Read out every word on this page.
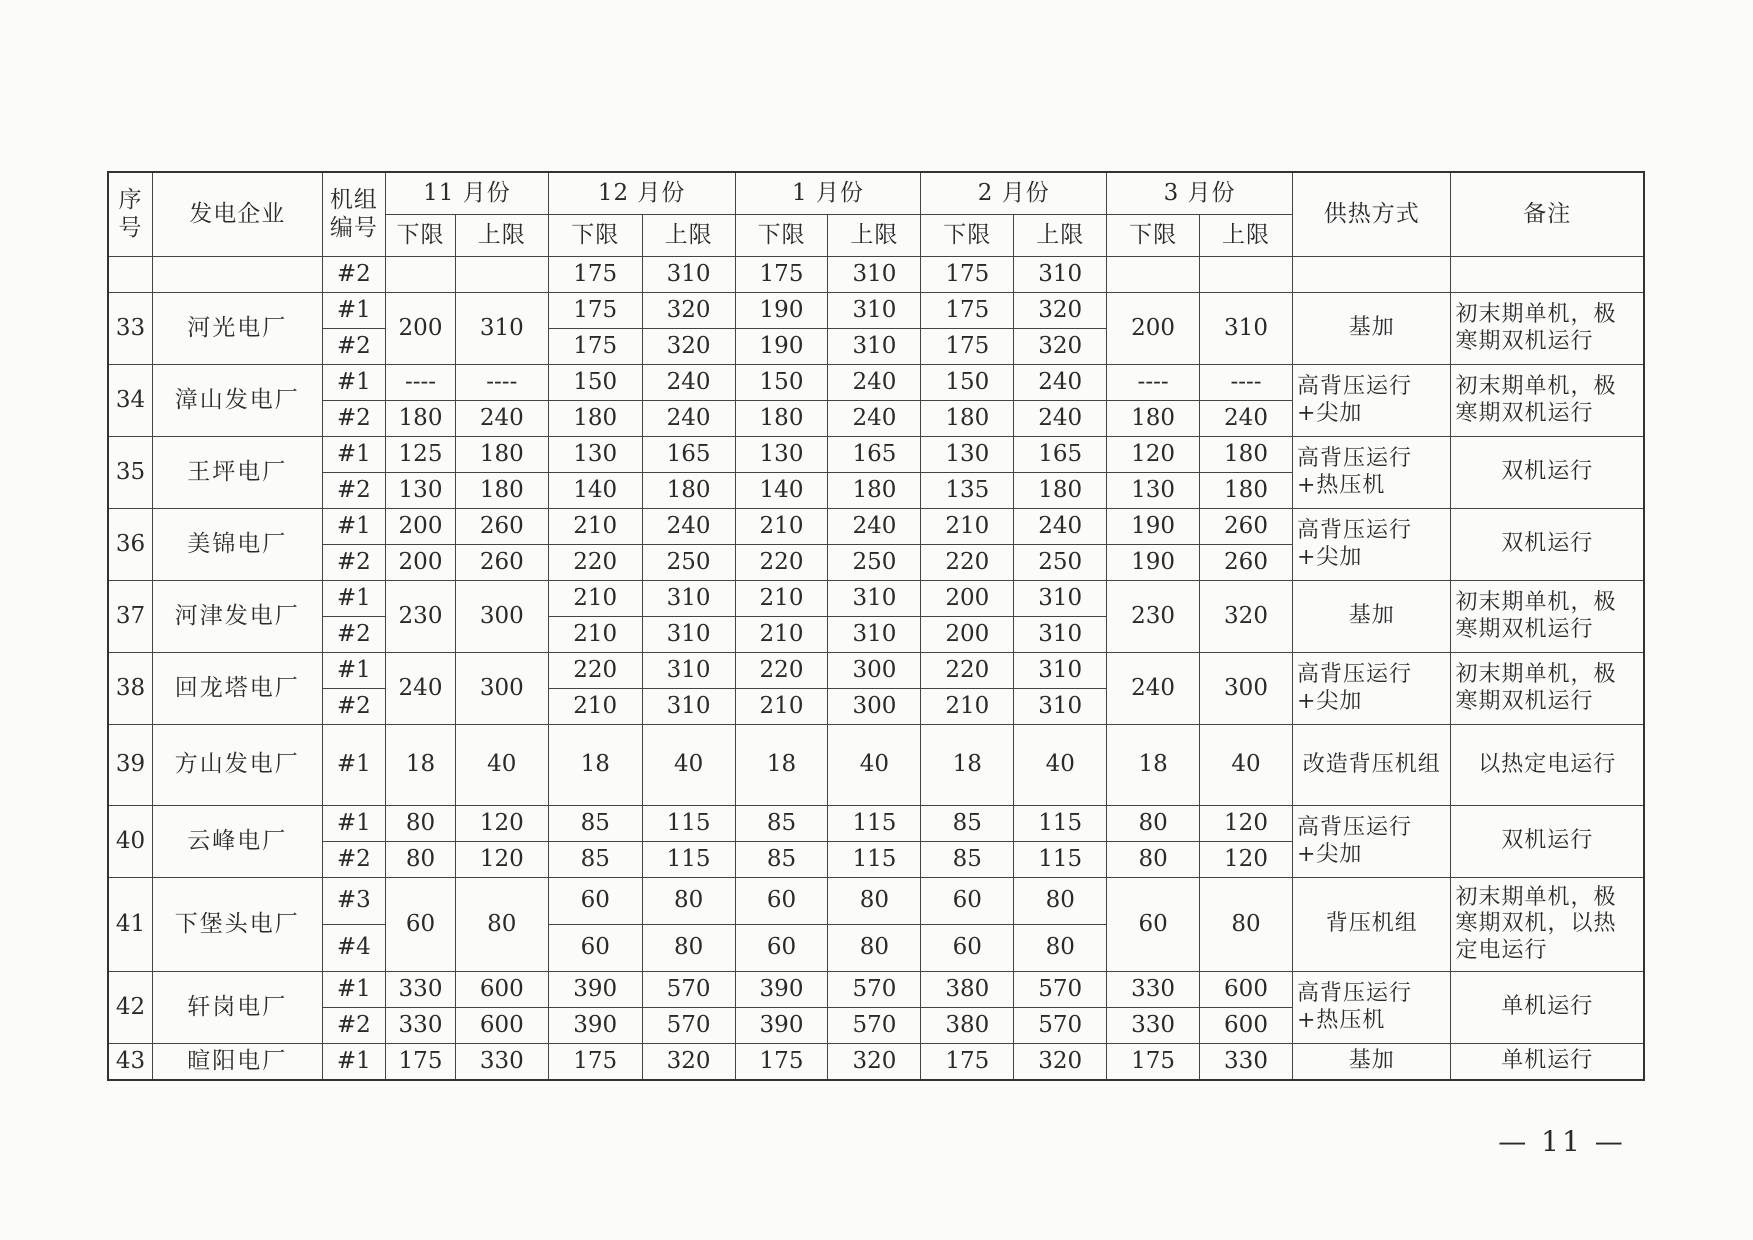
序号	发电企业	机组编号	11 月份		12 月份		1 月份		2 月份		3 月份		供热方式	备注
			下限	上限	下限	上限	下限	上限	下限	上限	下限	上限		
		#2			175	310	175	310	175	310				
33	河光电厂	#1	200	310	175	320	190	310	175	320	200	310	基加	初末期单机，极寒期双机运行
		#2			175	320	190	310	175	320				
34	漳山发电厂	#1	----	----	150	240	150	240	150	240	----	----	高背压运行+尖加	初末期单机，极寒期双机运行
		#2	180	240	180	240	180	240	180	240	180	240		
35	王坪电厂	#1	125	180	130	165	130	165	130	165	120	180	高背压运行+热压机	双机运行
		#2	130	180	140	180	140	180	135	180	130	180		
36	美锦电厂	#1	200	260	210	240	210	240	210	240	190	260	高背压运行+尖加	双机运行
		#2	200	260	220	250	220	250	220	250	190	260		
37	河津发电厂	#1	230	300	210	310	210	310	200	310	230	320	基加	初末期单机，极寒期双机运行
		#2			210	310	210	310	200	310				
38	回龙塔电厂	#1	240	300	220	310	220	300	220	310	240	300	高背压运行+尖加	初末期单机，极寒期双机运行
		#2			210	310	210	300	210	310				
39	方山发电厂	#1	18	40	18	40	18	40	18	40	18	40	改造背压机组	以热定电运行
40	云峰电厂	#1	80	120	85	115	85	115	85	115	80	120	高背压运行+尖加	双机运行
		#2	80	120	85	115	85	115	85	115	80	120		
41	下堡头电厂	#3	60	80	60	80	60	80	60	80	60	80	背压机组	初末期单机，极寒期双机，以热定电运行
		#4			60	80	60	80	60	80				
42	轩岗电厂	#1	330	600	390	570	390	570	380	570	330	600	高背压运行+热压机	单机运行
		#2	330	600	390	570	390	570	380	570	330	600		
43	暄阳电厂	#1	175	330	175	320	175	320	175	320	175	330	基加	单机运行
— 11 —
